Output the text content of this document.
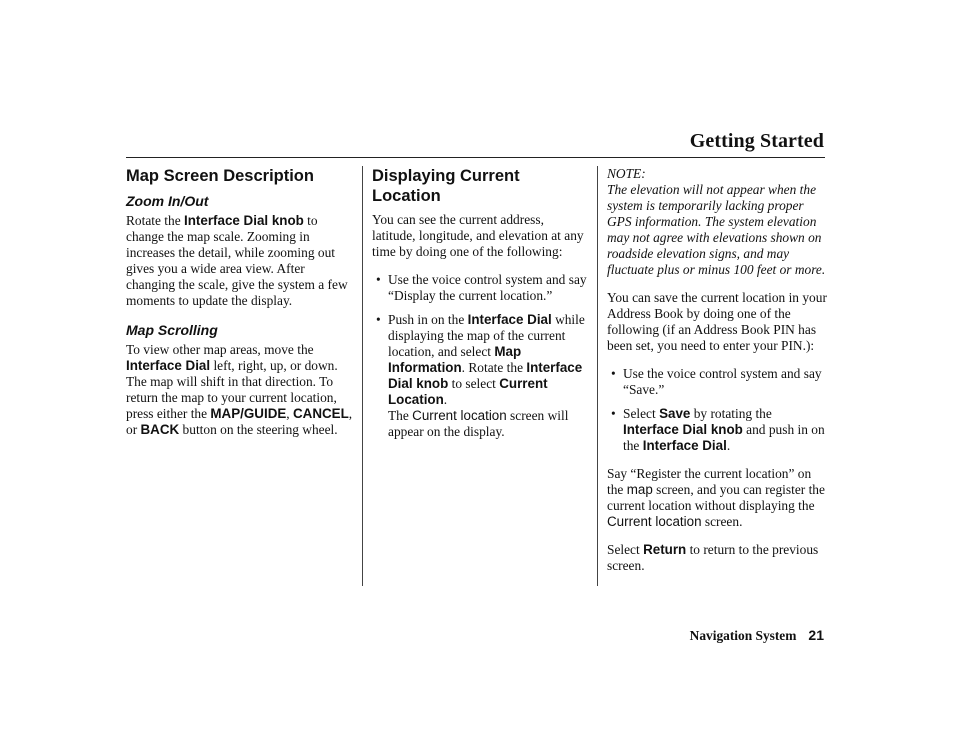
Getting Started
Map Screen Description
Zoom In/Out

Rotate the Interface Dial knob to change the map scale. Zooming in increases the detail, while zooming out gives you a wide area view. After changing the scale, give the system a few moments to update the display.

Map Scrolling

To view other map areas, move the Interface Dial left, right, up, or down. The map will shift in that direction. To return the map to your current location, press either the MAP/GUIDE, CANCEL, or BACK button on the steering wheel.

Displaying Current Location

You can see the current address, latitude, longitude, and elevation at any time by doing one of the following:

• Use the voice control system and say “Display the current location.”
• Push in on the Interface Dial while displaying the map of the current location, and select Map Information. Rotate the Interface Dial knob to select Current Location.
The Current location screen will appear on the display.

NOTE:

The elevation will not appear when the system is temporarily lacking proper GPS information. The system elevation may not agree with elevations shown on roadside elevation signs, and may fluctuate plus or minus 100 feet or more.

You can save the current location in your Address Book by doing one of the following (if an Address Book PIN has been set, you need to enter your PIN.):

• Use the voice control system and say “Save.”
• Select Save by rotating the Interface Dial knob and push in on the Interface Dial.

Say “Register the current location” on the map screen, and you can register the current location without displaying the Current location screen.

Select Return to return to the previous screen.

Navigation System 21
